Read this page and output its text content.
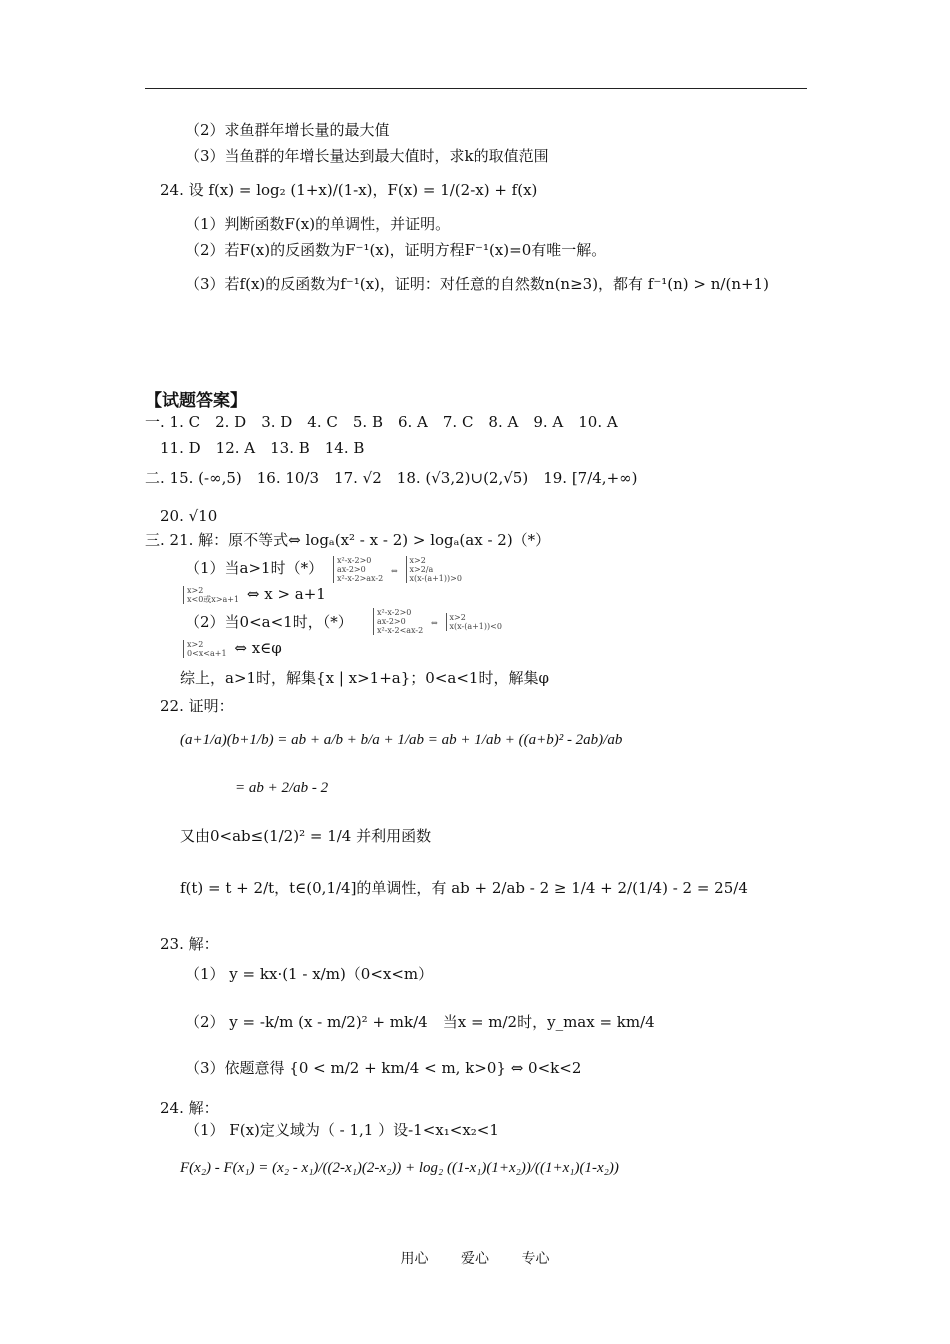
（2）求鱼群年增长量的最大值
（3）当鱼群的年增长量达到最大值时，求k的取值范围
24. 设 f(x) = log₂ (1+x)/(1-x)，F(x) = 1/(2-x) + f(x)
（1）判断函数F(x)的单调性，并证明。
（2）若F(x)的反函数为F⁻¹(x)，证明方程F⁻¹(x)=0有唯一解。
（3）若f(x)的反函数为f⁻¹(x)，证明：对任意的自然数n(n≥3)，都有 f⁻¹(n) > n/(n+1)
【试题答案】
一. 1. C　2. D　3. D　4. C　5. B　6. A　7. C　8. A　9. A　10. A
11. D　12. A　13. B　14. B
二. 15. (-∞,5)　16. 10/3　17. √2　18. (√3,2)∪(2,√5)　19. [7/4,+∞)
20. √10
三. 21. 解：原不等式⇔ logₐ(x² - x - 2) > logₐ(ax - 2)（*）
（1）当a>1时（*）	x²-x-2>0
ax-2>0
x²-x-2>ax-2 ⇔ x>2
x>2/a
x(x-(a+1))>0
x>2
x<0或x>a+1 ⇔ x > a+1
（2）当0<a<1时，（*）
x²-x-2>0
ax-2>0
x²-x-2<ax-2 ⇔ x>2
x(x-(a+1))<0
x>2
0<x<a+1 ⇔ x∈φ
综上，a>1时，解集{x | x>1+a}；0<a<1时，解集φ
22. 证明：
(a+1/a)(b+1/b) = ab + a/b + b/a + 1/ab = ab + 1/ab + ((a+b)² - 2ab)/ab
= ab + 2/ab - 2
又由0<ab≤(1/2)² = 1/4 并利用函数
f(t) = t + 2/t，t∈(0,1/4]的单调性，有 ab + 2/ab - 2 ≥ 1/4 + 2/(1/4) - 2 = 25/4
23. 解：
（1） y = kx·(1 - x/m)（0<x<m）
（2） y = -k/m (x - m/2)² + mk/4　当x = m/2时，y_max = km/4
（3）依题意得 {0 < m/2 + km/4 < m, k>0} ⇔ 0<k<2
24. 解：
（1） F(x)定义域为（ - 1,1 ）设-1<x₁<x₂<1
F(x₂) - F(x₁) = (x₂ - x₁)/((2-x₁)(2-x₂)) + log₂ ((1-x₁)(1+x₂))/((1+x₁)(1-x₂))
用心 爱心 专心
